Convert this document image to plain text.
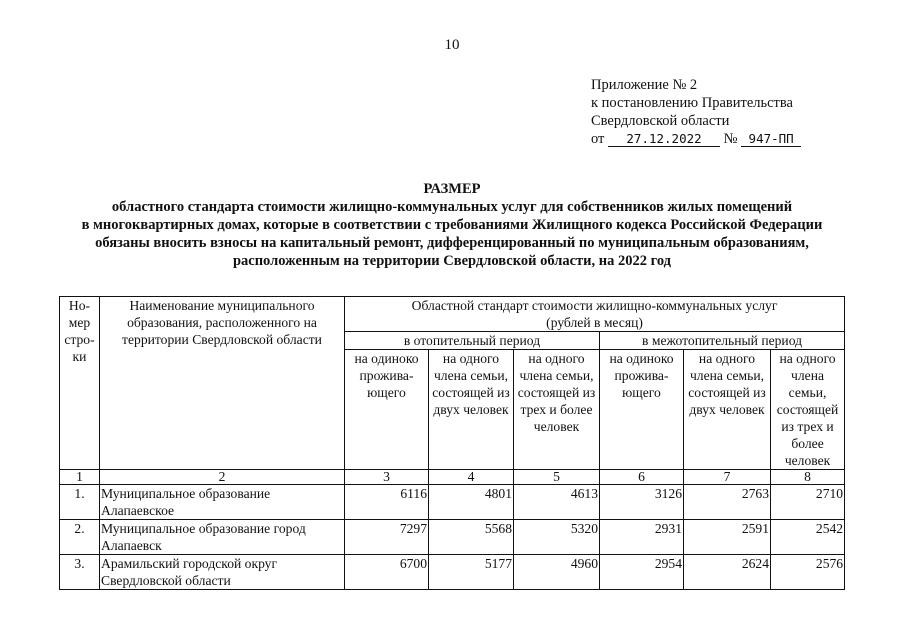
10
Приложение № 2
к постановлению Правительства
Свердловской области
от 27.12.2022 № 947-ПП
РАЗМЕР
областного стандарта стоимости жилищно-коммунальных услуг для собственников жилых помещений
в многоквартирных домах, которые в соответствии с требованиями Жилищного кодекса Российской Федерации
обязаны вносить взносы на капитальный ремонт, дифференцированный по муниципальным образованиям,
расположенным на территории Свердловской области, на 2022 год
Но-мер стро-ки	Наименование муниципального образования, расположенного на территории Свердловской области	Областной стандарт стоимости жилищно-коммунальных услуг
(рублей в месяц)					
		в отопительный период			в межотопительный период		
		на одиноко прожива-ющего	на одного члена семьи, состоящей из двух человек	на одного члена семьи, состоящей из трех и более человек	на одиноко прожива-ющего	на одного члена семьи, состоящей из двух человек	на одного члена семьи, состоящей из трех и более человек
1	2	3	4	5	6	7	8
1.	Муниципальное образование Алапаевское	6116	4801	4613	3126	2763	2710
2.	Муниципальное образование город Алапаевск	7297	5568	5320	2931	2591	2542
3.	Арамильский городской округ Свердловской области	6700	5177	4960	2954	2624	2576
